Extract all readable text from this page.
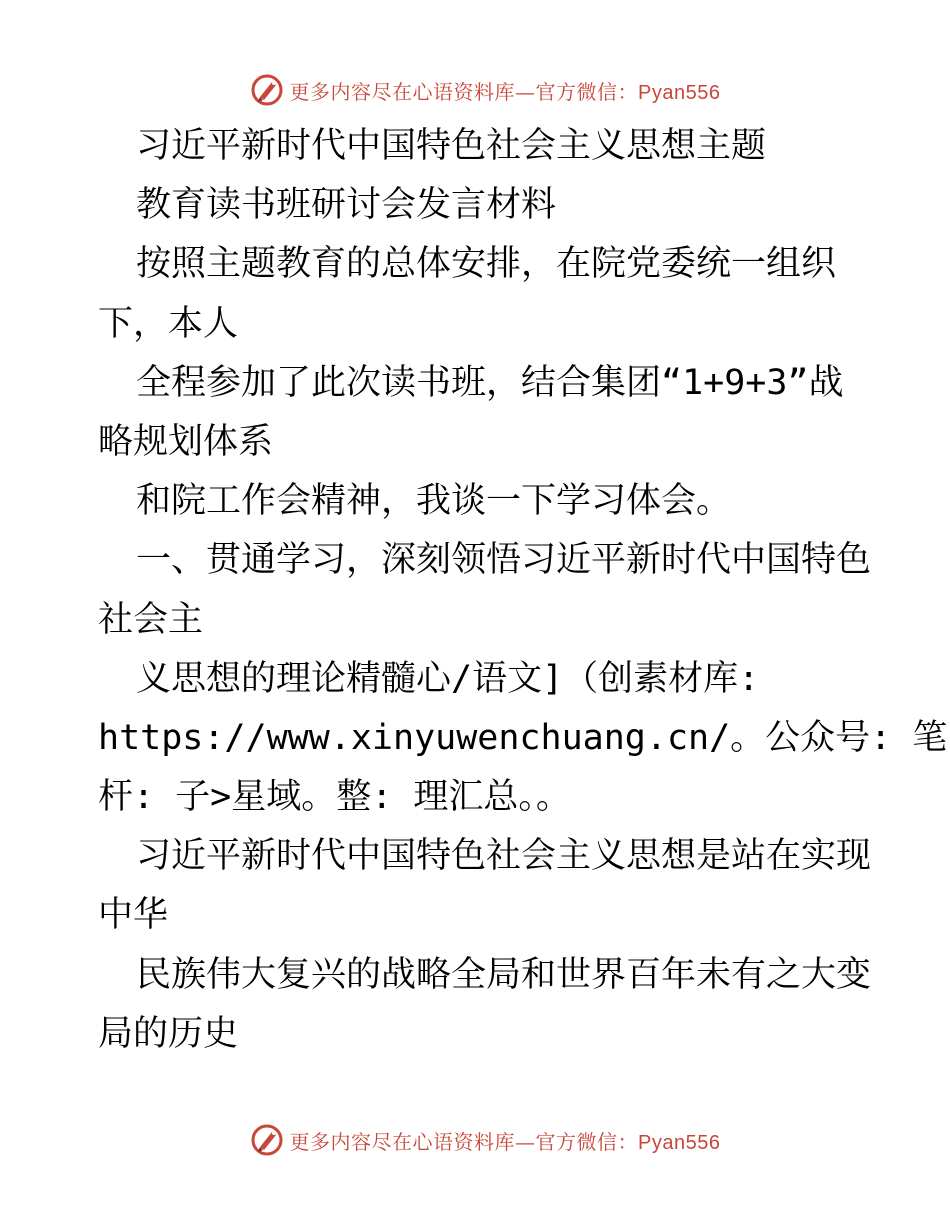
更多内容尽在心语资料库—官方微信：Pyan556
习近平新时代中国特色社会主义思想主题
教育读书班研讨会发言材料
按照主题教育的总体安排，在院党委统一组织
下，本人
全程参加了此次读书班，结合集团“1+9+3”战
略规划体系
和院工作会精神，我谈一下学习体会。
一、贯通学习，深刻领悟习近平新时代中国特色
社会主
义思想的理论精髓心/语文]（创素材库:
https://www.xinyuwenchuang.cn/。公众号: 笔
杆: 子>星域。整: 理汇总。。
习近平新时代中国特色社会主义思想是站在实现
中华
民族伟大复兴的战略全局和世界百年未有之大变
局的历史
更多内容尽在心语资料库—官方微信：Pyan556
